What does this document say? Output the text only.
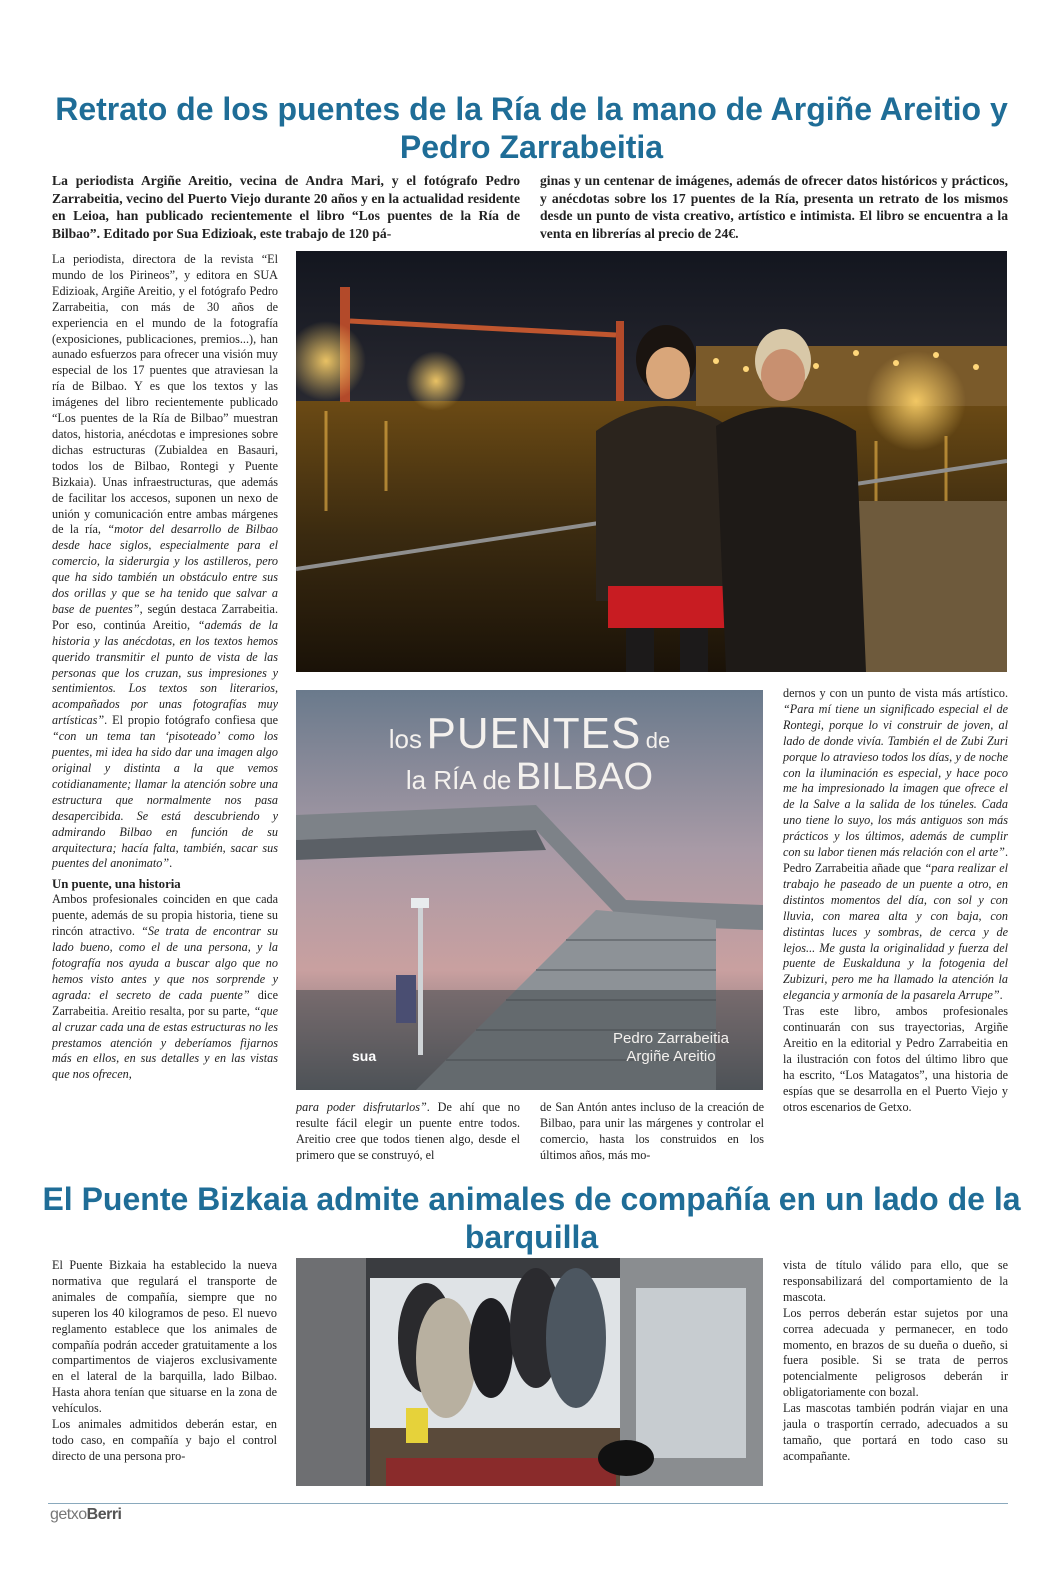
Retrato de los puentes de la Ría de la mano de Argiñe Areitio y Pedro Zarrabeitia

La periodista Argiñe Areitio, vecina de Andra Mari, y el fotógrafo Pedro Zarrabeitia, vecino del Puerto Viejo durante 20 años y en la actualidad residente en Leioa, han publicado recientemente el libro “Los puentes de la Ría de Bilbao”. Editado por Sua Edizioak, este trabajo de 120 pá-

ginas y un centenar de imágenes, además de ofrecer datos históricos y prácticos, y anécdotas sobre los 17 puentes de la Ría, presenta un retrato de los mismos desde un punto de vista creativo, artístico e intimista. El libro se encuentra a la venta en librerías al precio de 24€.

La periodista, directora de la revista “El mundo de los Pirineos”, y editora en SUA Edizioak, Argiñe Areitio, y el fotógrafo Pedro Zarrabeitia, con más de 30 años de experiencia en el mundo de la fotografía (exposiciones, publicaciones, premios...), han aunado esfuerzos para ofrecer una visión muy especial de los 17 puentes que atraviesan la ría de Bilbao. Y es que los textos y las imágenes del libro recientemente publicado “Los puentes de la Ría de Bilbao” muestran datos, historia, anécdotas e impresiones sobre dichas estructuras (Zubialdea en Basauri, todos los de Bilbao, Rontegi y Puente Bizkaia). Unas infraestructuras, que además de facilitar los accesos, suponen un nexo de unión y comunicación entre ambas márgenes de la ría, “motor del desarrollo de Bilbao desde hace siglos, especialmente para el comercio, la siderurgia y los astilleros, pero que ha sido también un obstáculo entre sus dos orillas y que se ha tenido que salvar a base de puentes”, según destaca Zarrabeitia. Por eso, continúa Areitio, “además de la historia y las anécdotas, en los textos hemos querido transmitir el punto de vista de las personas que los cruzan, sus impresiones y sentimientos. Los textos son literarios, acompañados por unas fotografías muy artísticas”. El propio fotógrafo confiesa que “con un tema tan ‘pisoteado’ como los puentes, mi idea ha sido dar una imagen algo original y distinta a la que vemos cotidianamente; llamar la atención sobre una estructura que normalmente nos pasa desapercibida. Se está descubriendo y admirando Bilbao en función de su arquitectura; hacía falta, también, sacar sus puentes del anonimato”.

Un puente, una historia

Ambos profesionales coinciden en que cada puente, además de su propia historia, tiene su rincón atractivo. “Se trata de encontrar su lado bueno, como el de una persona, y la fotografía nos ayuda a buscar algo que no hemos visto antes y que nos sorprende y agrada: el secreto de cada puente” dice Zarrabeitia. Areitio resalta, por su parte, “que al cruzar cada una de estas estructuras no les prestamos atención y deberíamos fijarnos más en ellos, en sus detalles y en las vistas que nos ofrecen,

los PUENTES de
la RÍA de BILBAO
Pedro Zarrabeitia
Argiñe Areitio
sua

para poder disfrutarlos”. De ahí que no resulte fácil elegir un puente entre todos. Areitio cree que todos tienen algo, desde el primero que se construyó, el

de San Antón antes incluso de la creación de Bilbao, para unir las márgenes y controlar el comercio, hasta los construidos en los últimos años, más mo-

dernos y con un punto de vista más artístico. “Para mí tiene un significado especial el de Rontegi, porque lo vi construir de joven, al lado de donde vivía. También el de Zubi Zuri porque lo atravieso todos los días, y de noche con la iluminación es especial, y hace poco me ha impresionado la imagen que ofrece el de la Salve a la salida de los túneles. Cada uno tiene lo suyo, los más antiguos son más prácticos y los últimos, además de cumplir con su labor tienen más relación con el arte”. Pedro Zarrabeitia añade que “para realizar el trabajo he paseado de un puente a otro, en distintos momentos del día, con sol y con lluvia, con marea alta y con baja, con distintas luces y sombras, de cerca y de lejos... Me gusta la originalidad y fuerza del puente de Euskalduna y la fotogenia del Zubizuri, pero me ha llamado la atención la elegancia y armonía de la pasarela Arrupe”.

Tras este libro, ambos profesionales continuarán con sus trayectorias, Argiñe Areitio en la editorial y Pedro Zarrabeitia en la ilustración con fotos del último libro que ha escrito, “Los Matagatos”, una historia de espías que se desarrolla en el Puerto Viejo y otros escenarios de Getxo.

El Puente Bizkaia admite animales de compañía en un lado de la barquilla

El Puente Bizkaia ha establecido la nueva normativa que regulará el transporte de animales de compañía, siempre que no superen los 40 kilogramos de peso. El nuevo reglamento establece que los animales de compañía podrán acceder gratuitamente a los compartimentos de viajeros exclusivamente en el lateral de la barquilla, lado Bilbao. Hasta ahora tenían que situarse en la zona de vehículos.

Los animales admitidos deberán estar, en todo caso, en compañía y bajo el control directo de una persona pro-

vista de título válido para ello, que se responsabilizará del comportamiento de la mascota.

Los perros deberán estar sujetos por una correa adecuada y permanecer, en todo momento, en brazos de su dueña o dueño, si fuera posible. Si se trata de perros potencialmente peligrosos deberán ir obligatoriamente con bozal.

Las mascotas también podrán viajar en una jaula o trasportín cerrado, adecuados a su tamaño, que portará en todo caso su acompañante.

getxoBerri
